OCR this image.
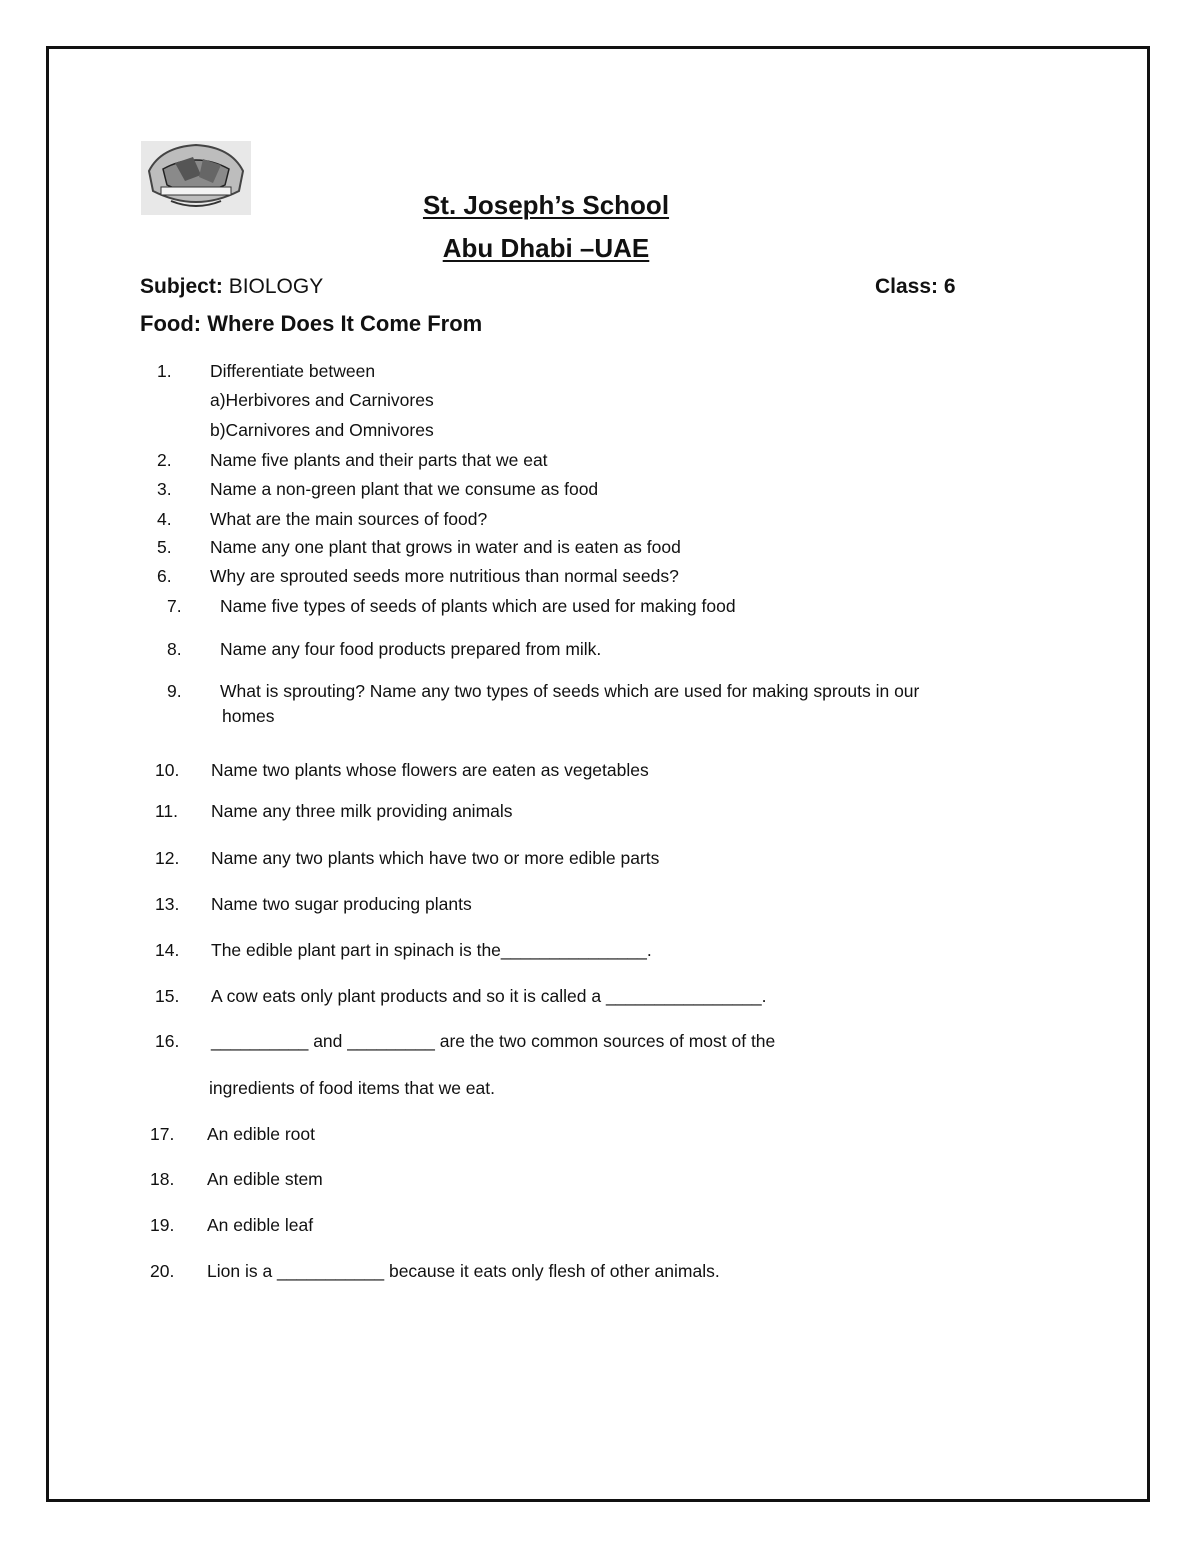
St. Joseph’s School
Abu Dhabi –UAE
Subject: BIOLOGY	Class: 6
Food: Where Does It Come From
1. Differentiate between
a)Herbivores and Carnivores
b)Carnivores and Omnivores
2. Name five plants and their parts that we eat
3. Name a non-green plant that we consume as food
4. What are the main sources of food?
5. Name any one plant that grows in water and is eaten as food
6. Why are sprouted seeds more nutritious than normal seeds?
7. Name five types of seeds of plants which are used for making food
8. Name any four food products prepared from milk.
9. What is sprouting? Name any two types of seeds which are used for making sprouts in our
homes
10. Name two plants whose flowers are eaten as vegetables
11. Name any three milk providing animals
12. Name any two plants which have two or more edible parts
13. Name two sugar producing plants
14. The edible plant part in spinach is the_______________.
15. A cow eats only plant products and so it is called a ________________.
16. __________ and _________ are the two common sources of most of the
ingredients of food items that we eat.
17. An edible root
18. An edible stem
19. An edible leaf
20. Lion is a ___________ because it eats only flesh of other animals.
